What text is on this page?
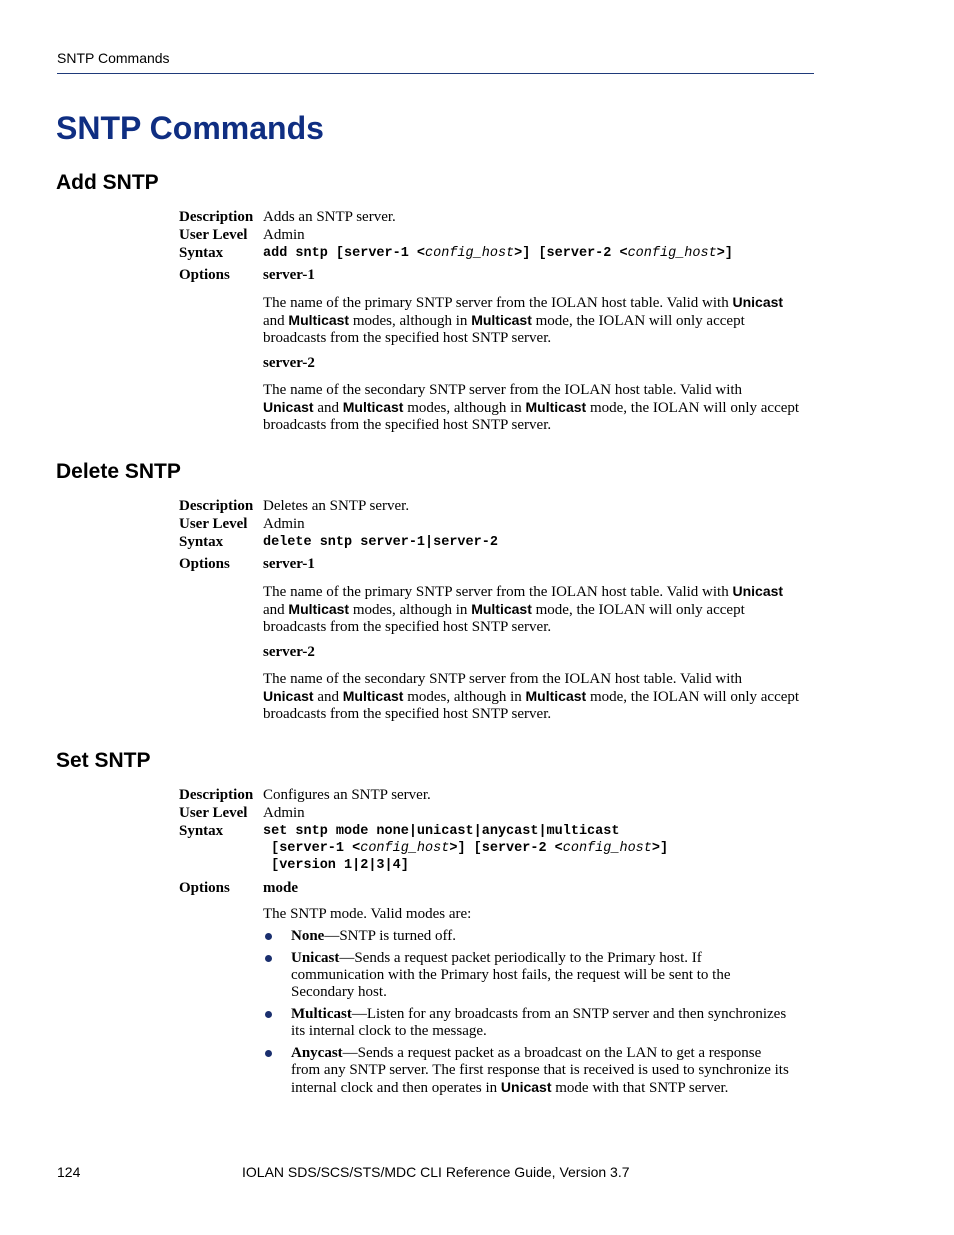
SNTP Commands
SNTP Commands
Add SNTP
Description Adds an SNTP server.
User Level Admin
Syntax	add sntp [server-1 <config_host>] [server-2 <config_host>]
Options server-1
The name of the primary SNTP server from the IOLAN host table. Valid with Unicast
and Multicast modes, although in Multicast mode, the IOLAN will only accept
broadcasts from the specified host SNTP server.
server-2
The name of the secondary SNTP server from the IOLAN host table. Valid with
Unicast and Multicast modes, although in Multicast mode, the IOLAN will only accept
broadcasts from the specified host SNTP server.
Delete SNTP
Description Deletes an SNTP server.
User Level Admin
Syntax	delete sntp server-1|server-2
Options server-1
The name of the primary SNTP server from the IOLAN host table. Valid with Unicast
and Multicast modes, although in Multicast mode, the IOLAN will only accept
broadcasts from the specified host SNTP server.
server-2
The name of the secondary SNTP server from the IOLAN host table. Valid with
Unicast and Multicast modes, although in Multicast mode, the IOLAN will only accept
broadcasts from the specified host SNTP server.
Set SNTP
Description Configures an SNTP server.
User Level Admin
Syntax	set sntp mode none|unicast|anycast|multicast
[server-1 <config_host>] [server-2 <config_host>]
[version 1|2|3|4]
Options mode
The SNTP mode. Valid modes are:
None—SNTP is turned off.
Unicast—Sends a request packet periodically to the Primary host. If
communication with the Primary host fails, the request will be sent to the
Secondary host.
Multicast—Listen for any broadcasts from an SNTP server and then synchronizes
its internal clock to the message.
Anycast—Sends a request packet as a broadcast on the LAN to get a response
from any SNTP server. The first response that is received is used to synchronize its
internal clock and then operates in Unicast mode with that SNTP server.
124	IOLAN SDS/SCS/STS/MDC CLI Reference Guide, Version 3.7
